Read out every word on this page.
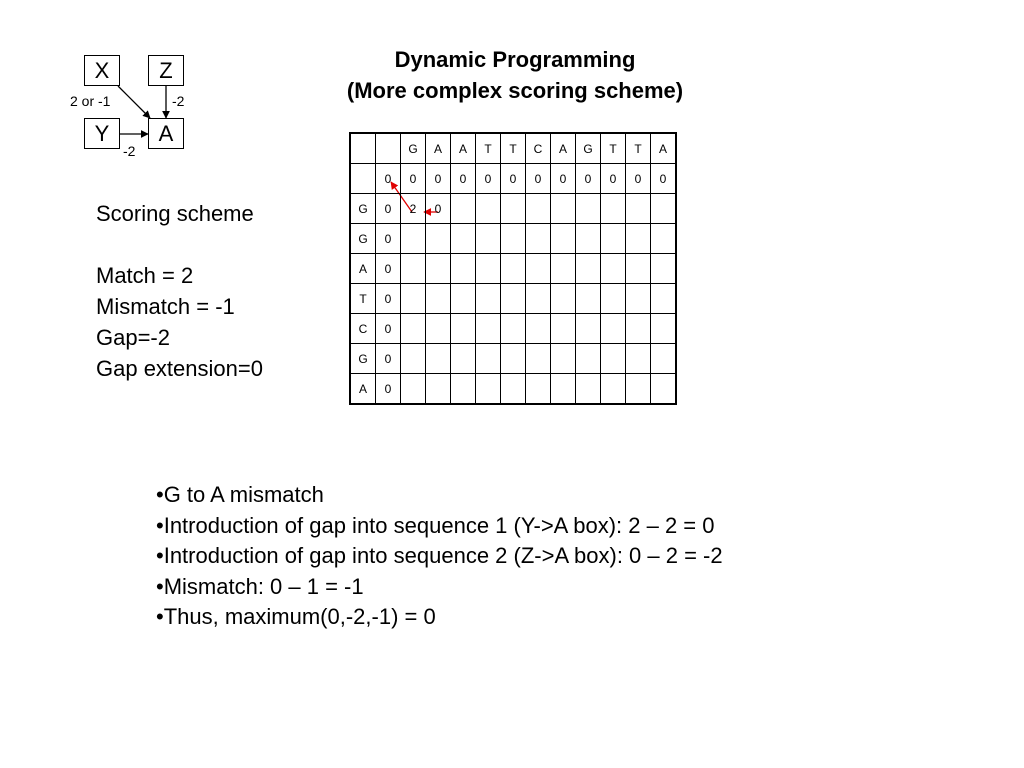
Dynamic Programming
(More complex scoring scheme)
X	Z
Y	A
2 or -1	-2
-2
Scoring scheme
Match = 2
Mismatch = -1
Gap=-2
Gap extension=0
		G	A	A	T	T	C	A	G	T	T	A
	0	0	0	0	0	0	0	0	0	0	0	0
G	0	2	0									
G	0											
A	0											
T	0											
C	0											
G	0											
A	0											
•G to A mismatch
•Introduction of gap into sequence 1 (Y->A box): 2 – 2 = 0
•Introduction of gap into sequence 2 (Z->A box): 0 – 2 = -2
•Mismatch: 0 – 1 = -1
•Thus, maximum(0,-2,-1) = 0
